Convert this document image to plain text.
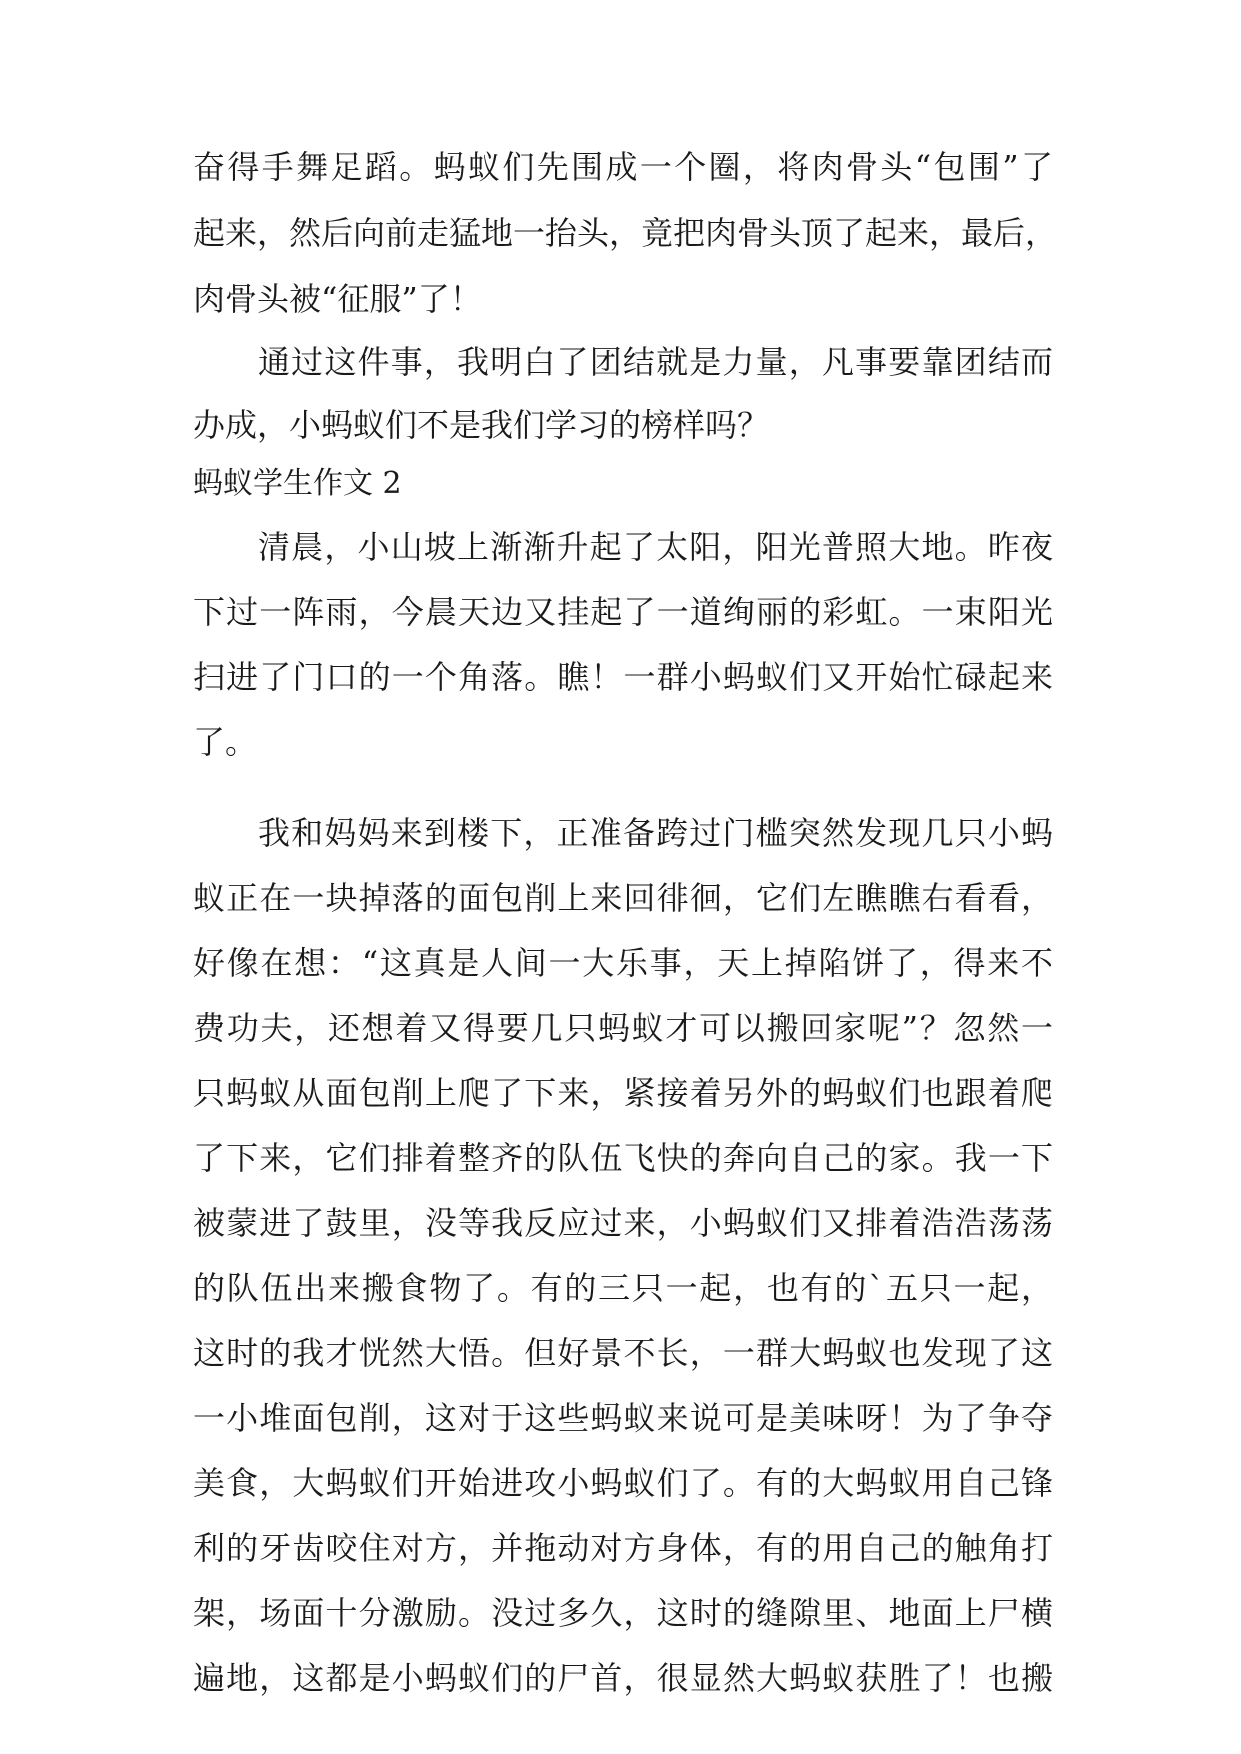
奋得手舞足蹈。蚂蚁们先围成一个圈，将肉骨头“包围”了
起来，然后向前走猛地一抬头，竟把肉骨头顶了起来，最后，
肉骨头被“征服”了！
通过这件事，我明白了团结就是力量，凡事要靠团结而
办成，小蚂蚁们不是我们学习的榜样吗？
蚂蚁学生作文 2
清晨，小山坡上渐渐升起了太阳，阳光普照大地。昨夜
下过一阵雨，今晨天边又挂起了一道绚丽的彩虹。一束阳光
扫进了门口的一个角落。瞧！一群小蚂蚁们又开始忙碌起来
了。
我和妈妈来到楼下，正准备跨过门槛突然发现几只小蚂
蚁正在一块掉落的面包削上来回徘徊，它们左瞧瞧右看看，
好像在想：“这真是人间一大乐事，天上掉陷饼了，得来不
费功夫，还想着又得要几只蚂蚁才可以搬回家呢”？忽然一
只蚂蚁从面包削上爬了下来，紧接着另外的蚂蚁们也跟着爬
了下来，它们排着整齐的队伍飞快的奔向自己的家。我一下
被蒙进了鼓里，没等我反应过来，小蚂蚁们又排着浩浩荡荡
的队伍出来搬食物了。有的三只一起，也有的`五只一起，
这时的我才恍然大悟。但好景不长，一群大蚂蚁也发现了这
一小堆面包削，这对于这些蚂蚁来说可是美味呀！为了争夺
美食，大蚂蚁们开始进攻小蚂蚁们了。有的大蚂蚁用自己锋
利的牙齿咬住对方，并拖动对方身体，有的用自己的触角打
架，场面十分激励。没过多久，这时的缝隙里、地面上尸横
遍地，这都是小蚂蚁们的尸首，很显然大蚂蚁获胜了！也搬
